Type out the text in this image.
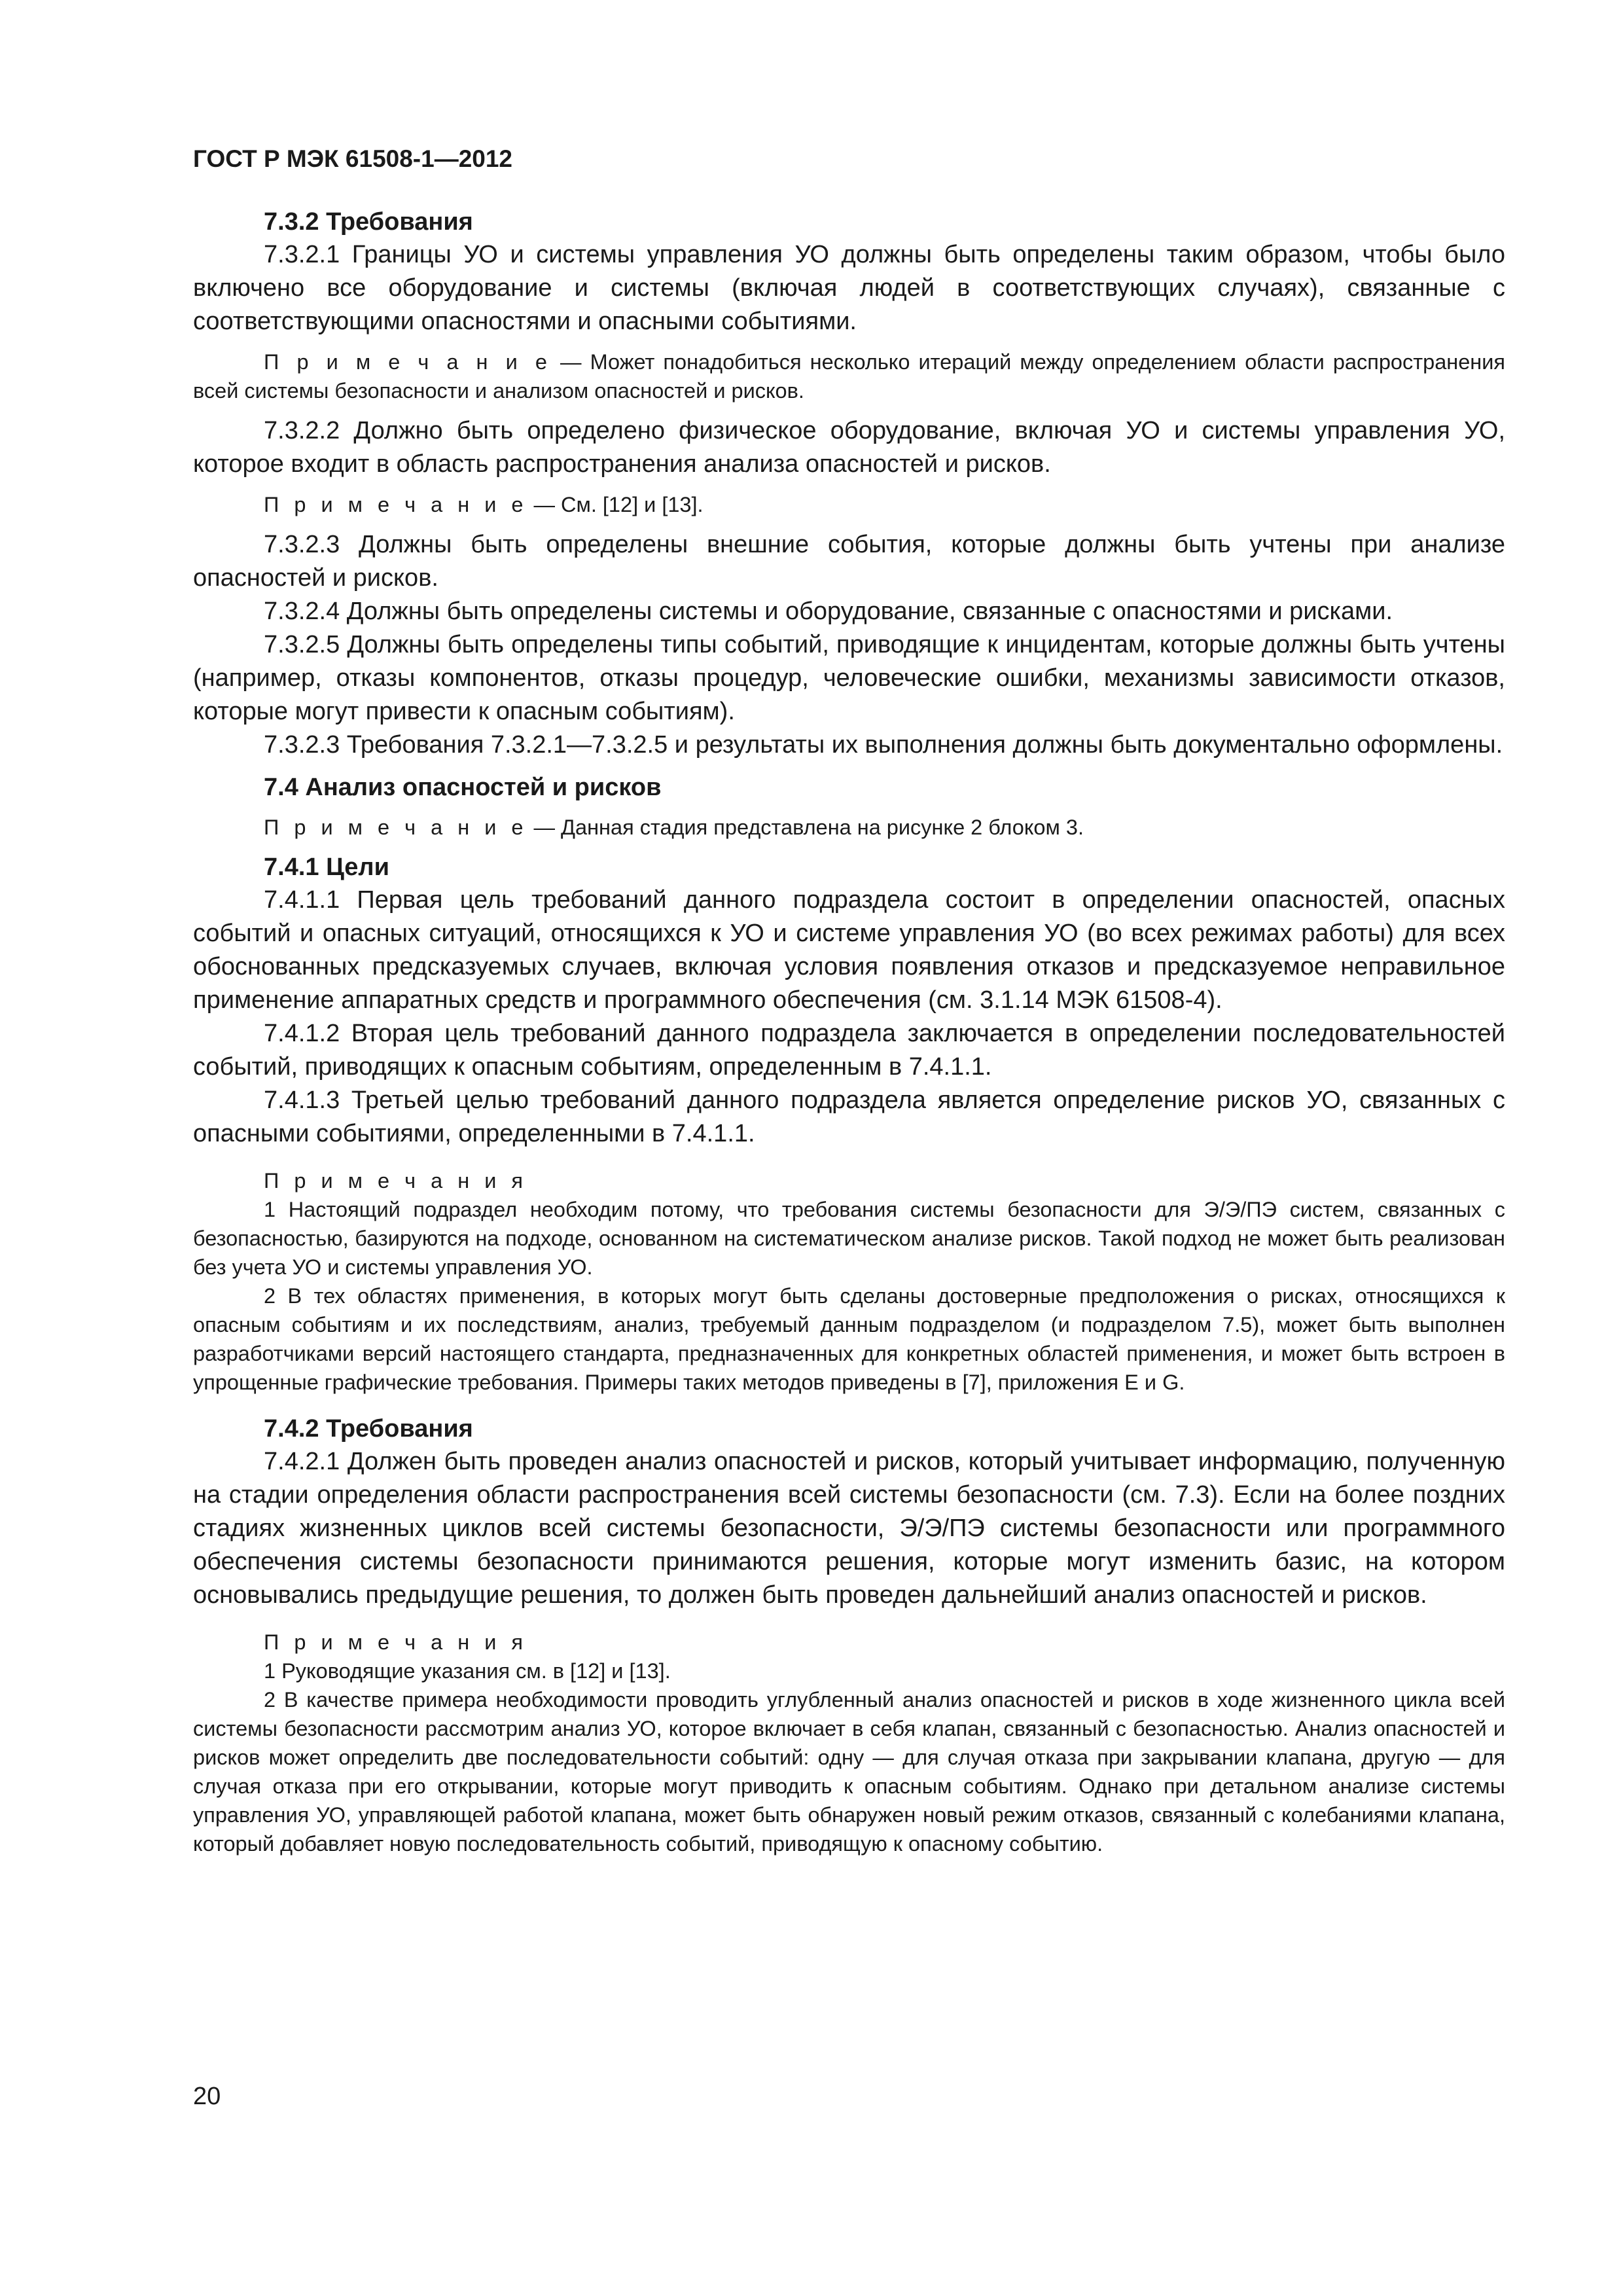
ГОСТ Р МЭК 61508-1—2012

7.3.2 Требования

7.3.2.1 Границы УО и системы управления УО должны быть определены таким образом, чтобы было включено все оборудование и системы (включая людей в соответствующих случаях), связанные с соответствующими опасностями и опасными событиями.

П р и м е ч а н и е — Может понадобиться несколько итераций между определением области распространения всей системы безопасности и анализом опасностей и рисков.

7.3.2.2 Должно быть определено физическое оборудование, включая УО и системы управления УО, которое входит в область распространения анализа опасностей и рисков.

П р и м е ч а н и е — См. [12] и [13].

7.3.2.3 Должны быть определены внешние события, которые должны быть учтены при анализе опасностей и рисков.

7.3.2.4 Должны быть определены системы и оборудование, связанные с опасностями и рисками.

7.3.2.5 Должны быть определены типы событий, приводящие к инцидентам, которые должны быть учтены (например, отказы компонентов, отказы процедур, человеческие ошибки, механизмы зависимости отказов, которые могут привести к опасным событиям).

7.3.2.3 Требования 7.3.2.1—7.3.2.5 и результаты их выполнения должны быть документально оформлены.

7.4 Анализ опасностей и рисков

П р и м е ч а н и е — Данная стадия представлена на рисунке 2 блоком 3.

7.4.1 Цели

7.4.1.1 Первая цель требований данного подраздела состоит в определении опасностей, опасных событий и опасных ситуаций, относящихся к УО и системе управления УО (во всех режимах работы) для всех обоснованных предсказуемых случаев, включая условия появления отказов и предсказуемое неправильное применение аппаратных средств и программного обеспечения (см. 3.1.14 МЭК 61508-4).

7.4.1.2 Вторая цель требований данного подраздела заключается в определении последовательностей событий, приводящих к опасным событиям, определенным в 7.4.1.1.

7.4.1.3 Третьей целью требований данного подраздела является определение рисков УО, связанных с опасными событиями, определенными в 7.4.1.1.

П р и м е ч а н и я

1 Настоящий подраздел необходим потому, что требования системы безопасности для Э/Э/ПЭ систем, связанных с безопасностью, базируются на подходе, основанном на систематическом анализе рисков. Такой подход не может быть реализован без учета УО и системы управления УО.

2 В тех областях применения, в которых могут быть сделаны достоверные предположения о рисках, относящихся к опасным событиям и их последствиям, анализ, требуемый данным подразделом (и подразделом 7.5), может быть выполнен разработчиками версий настоящего стандарта, предназначенных для конкретных областей применения, и может быть встроен в упрощенные графические требования. Примеры таких методов приведены в [7], приложения Е и G.

7.4.2 Требования

7.4.2.1 Должен быть проведен анализ опасностей и рисков, который учитывает информацию, полученную на стадии определения области распространения всей системы безопасности (см. 7.3). Если на более поздних стадиях жизненных циклов всей системы безопасности, Э/Э/ПЭ системы безопасности или программного обеспечения системы безопасности принимаются решения, которые могут изменить базис, на котором основывались предыдущие решения, то должен быть проведен дальнейший анализ опасностей и рисков.

П р и м е ч а н и я

1 Руководящие указания см. в [12] и [13].

2 В качестве примера необходимости проводить углубленный анализ опасностей и рисков в ходе жизненного цикла всей системы безопасности рассмотрим анализ УО, которое включает в себя клапан, связанный с безопасностью. Анализ опасностей и рисков может определить две последовательности событий: одну — для случая отказа при закрывании клапана, другую — для случая отказа при его открывании, которые могут приводить к опасным событиям. Однако при детальном анализе системы управления УО, управляющей работой клапана, может быть обнаружен новый режим отказов, связанный с колебаниями клапана, который добавляет новую последовательность событий, приводящую к опасному событию.

20
